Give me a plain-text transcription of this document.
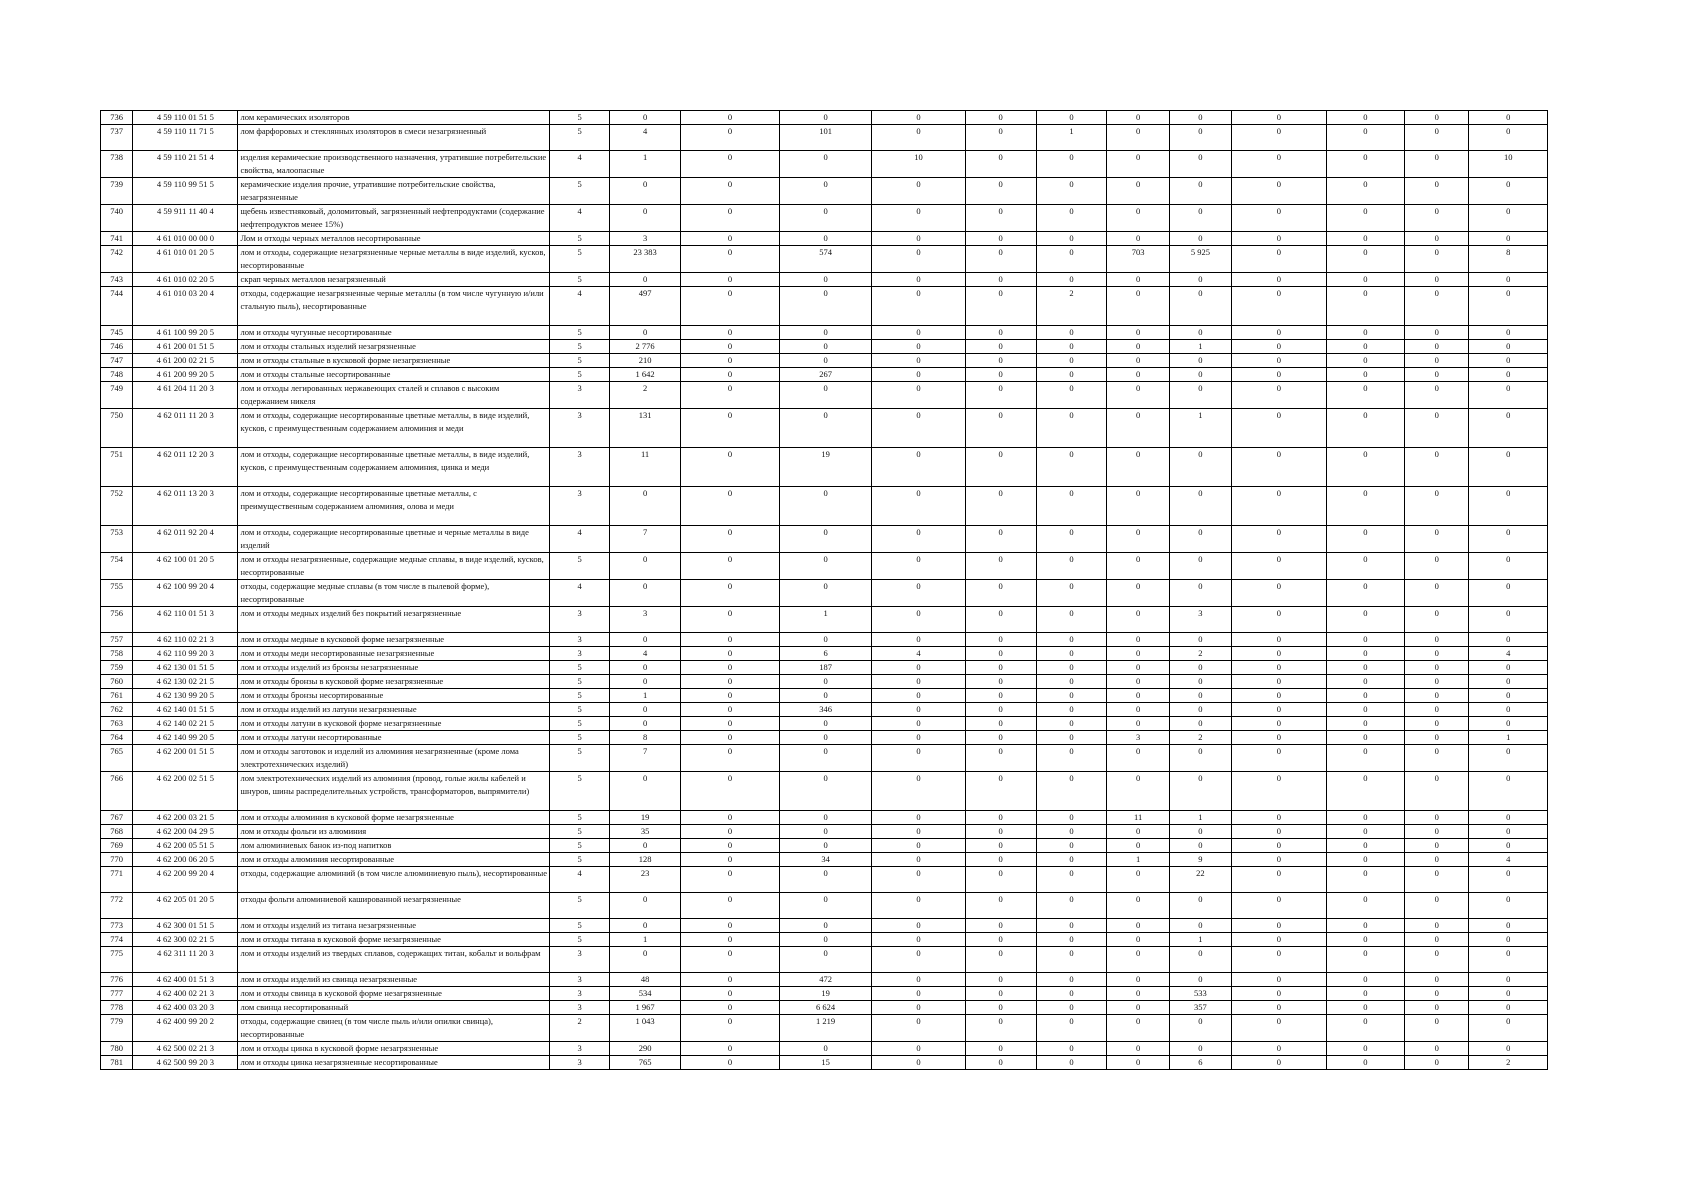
736	4 59 110 01 51 5	лом керамических изоляторов	5	0	0	0	0	0	0	0	0	0	0	0	0
737	4 59 110 11 71 5	лом фарфоровых и стеклянных изоляторов в смеси незагрязненный	5	4	0	101	0	0	1	0	0	0	0	0	0
738	4 59 110 21 51 4	изделия керамические производственного назначения, утратившие потребительские свойства, малоопасные	4	1	0	0	10	0	0	0	0	0	0	0	10
739	4 59 110 99 51 5	керамические изделия прочие, утратившие потребительские свойства, незагрязненные	5	0	0	0	0	0	0	0	0	0	0	0	0
740	4 59 911 11 40 4	щебень известняковый, доломитовый, загрязненный нефтепродуктами (содержание нефтепродуктов менее 15%)	4	0	0	0	0	0	0	0	0	0	0	0	0
741	4 61 010 00 00 0	Лом и отходы черных металлов несортированные	5	3	0	0	0	0	0	0	0	0	0	0	0
742	4 61 010 01 20 5	лом и отходы, содержащие незагрязненные черные металлы в виде изделий, кусков, несортированные	5	23 383	0	574	0	0	0	703	5 925	0	0	0	8
743	4 61 010 02 20 5	скрап черных металлов незагрязненный	5	0	0	0	0	0	0	0	0	0	0	0	0
744	4 61 010 03 20 4	отходы, содержащие незагрязненные черные металлы (в том числе чугунную и/или стальную пыль), несортированные	4	497	0	0	0	0	2	0	0	0	0	0	0
745	4 61 100 99 20 5	лом и отходы чугунные несортированные	5	0	0	0	0	0	0	0	0	0	0	0	0
746	4 61 200 01 51 5	лом и отходы стальных изделий незагрязненные	5	2 776	0	0	0	0	0	0	1	0	0	0	0
747	4 61 200 02 21 5	лом и отходы стальные в кусковой форме незагрязненные	5	210	0	0	0	0	0	0	0	0	0	0	0
748	4 61 200 99 20 5	лом и отходы стальные несортированные	5	1 642	0	267	0	0	0	0	0	0	0	0	0
749	4 61 204 11 20 3	лом и отходы легированных нержавеющих сталей и сплавов с высоким содержанием никеля	3	2	0	0	0	0	0	0	0	0	0	0	0
750	4 62 011 11 20 3	лом и отходы, содержащие несортированные цветные металлы, в виде изделий, кусков, с преимущественным содержанием алюминия и меди	3	131	0	0	0	0	0	0	1	0	0	0	0
751	4 62 011 12 20 3	лом и отходы, содержащие несортированные цветные металлы, в виде изделий, кусков, с преимущественным содержанием алюминия, цинка и меди	3	11	0	19	0	0	0	0	0	0	0	0	0
752	4 62 011 13 20 3	лом и отходы, содержащие несортированные цветные металлы, с преимущественным содержанием алюминия, олова и меди	3	0	0	0	0	0	0	0	0	0	0	0	0
753	4 62 011 92 20 4	лом и отходы, содержащие несортированные цветные и черные металлы в виде изделий	4	7	0	0	0	0	0	0	0	0	0	0	0
754	4 62 100 01 20 5	лом и отходы незагрязненные, содержащие медные сплавы, в виде изделий, кусков, несортированные	5	0	0	0	0	0	0	0	0	0	0	0	0
755	4 62 100 99 20 4	отходы, содержащие медные сплавы (в том числе в пылевой форме), несортированные	4	0	0	0	0	0	0	0	0	0	0	0	0
756	4 62 110 01 51 3	лом и отходы медных изделий без покрытий незагрязненные	3	3	0	1	0	0	0	0	3	0	0	0	0
757	4 62 110 02 21 3	лом и отходы медные в кусковой форме незагрязненные	3	0	0	0	0	0	0	0	0	0	0	0	0
758	4 62 110 99 20 3	лом и отходы меди несортированные незагрязненные	3	4	0	6	4	0	0	0	2	0	0	0	4
759	4 62 130 01 51 5	лом и отходы изделий из бронзы незагрязненные	5	0	0	187	0	0	0	0	0	0	0	0	0
760	4 62 130 02 21 5	лом и отходы бронзы в кусковой форме незагрязненные	5	0	0	0	0	0	0	0	0	0	0	0	0
761	4 62 130 99 20 5	лом и отходы бронзы несортированные	5	1	0	0	0	0	0	0	0	0	0	0	0
762	4 62 140 01 51 5	лом и отходы изделий из латуни незагрязненные	5	0	0	346	0	0	0	0	0	0	0	0	0
763	4 62 140 02 21 5	лом и отходы латуни в кусковой форме незагрязненные	5	0	0	0	0	0	0	0	0	0	0	0	0
764	4 62 140 99 20 5	лом и отходы латуни несортированные	5	8	0	0	0	0	0	3	2	0	0	0	1
765	4 62 200 01 51 5	лом и отходы заготовок и изделий из алюминия незагрязненные (кроме лома электротехнических изделий)	5	7	0	0	0	0	0	0	0	0	0	0	0
766	4 62 200 02 51 5	лом электротехнических изделий из алюминия (провод, голые жилы кабелей и шнуров, шины распределительных устройств, трансформаторов, выпрямители)	5	0	0	0	0	0	0	0	0	0	0	0	0
767	4 62 200 03 21 5	лом и отходы алюминия в кусковой форме незагрязненные	5	19	0	0	0	0	0	11	1	0	0	0	0
768	4 62 200 04 29 5	лом и отходы фольги из алюминия	5	35	0	0	0	0	0	0	0	0	0	0	0
769	4 62 200 05 51 5	лом алюминиевых банок из-под напитков	5	0	0	0	0	0	0	0	0	0	0	0	0
770	4 62 200 06 20 5	лом и отходы алюминия несортированные	5	128	0	34	0	0	0	1	9	0	0	0	4
771	4 62 200 99 20 4	отходы, содержащие алюминий (в том числе алюминиевую пыль), несортированные	4	23	0	0	0	0	0	0	22	0	0	0	0
772	4 62 205 01 20 5	отходы фольги алюминиевой кашированной незагрязненные	5	0	0	0	0	0	0	0	0	0	0	0	0
773	4 62 300 01 51 5	лом и отходы изделий из титана незагрязненные	5	0	0	0	0	0	0	0	0	0	0	0	0
774	4 62 300 02 21 5	лом и отходы титана в кусковой форме незагрязненные	5	1	0	0	0	0	0	0	1	0	0	0	0
775	4 62 311 11 20 3	лом и отходы изделий из твердых сплавов, содержащих титан, кобальт и вольфрам	3	0	0	0	0	0	0	0	0	0	0	0	0
776	4 62 400 01 51 3	лом и отходы изделий из свинца незагрязненные	3	48	0	472	0	0	0	0	0	0	0	0	0
777	4 62 400 02 21 3	лом и отходы свинца в кусковой форме незагрязненные	3	534	0	19	0	0	0	0	533	0	0	0	0
778	4 62 400 03 20 3	лом свинца несортированный	3	1 967	0	6 624	0	0	0	0	357	0	0	0	0
779	4 62 400 99 20 2	отходы, содержащие свинец (в том числе пыль и/или опилки свинца), несортированные	2	1 043	0	1 219	0	0	0	0	0	0	0	0	0
780	4 62 500 02 21 3	лом и отходы цинка в кусковой форме незагрязненные	3	290	0	0	0	0	0	0	0	0	0	0	0
781	4 62 500 99 20 3	лом и отходы цинка незагрязненные несортированные	3	765	0	15	0	0	0	0	6	0	0	0	2
